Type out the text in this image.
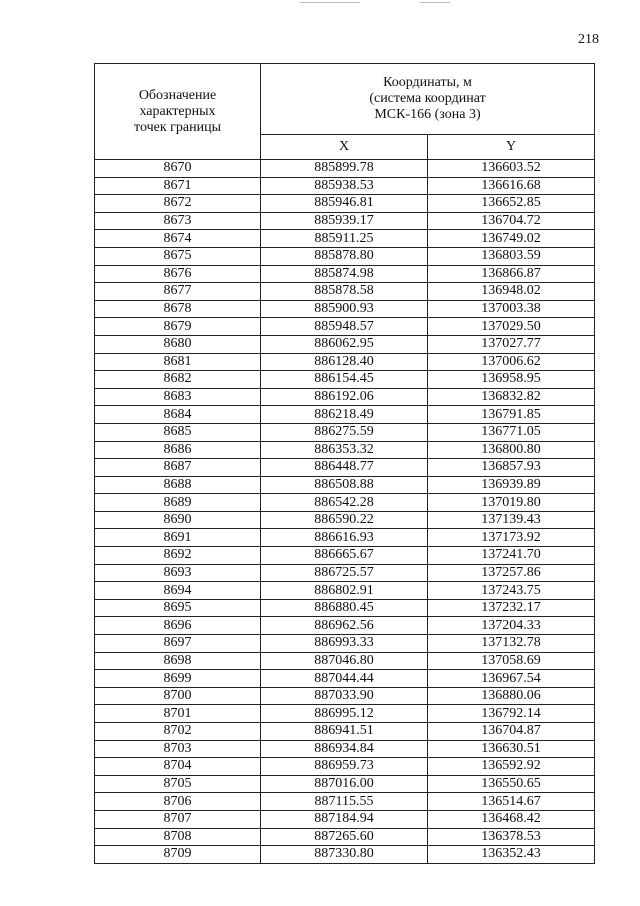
218
Обозначение
характерных
точек границы	Координаты, м
(система координат
МСК-166 (зона 3)	

	X	Y
8670	885899.78	136603.52
8671	885938.53	136616.68
8672	885946.81	136652.85
8673	885939.17	136704.72
8674	885911.25	136749.02
8675	885878.80	136803.59
8676	885874.98	136866.87
8677	885878.58	136948.02
8678	885900.93	137003.38
8679	885948.57	137029.50
8680	886062.95	137027.77
8681	886128.40	137006.62
8682	886154.45	136958.95
8683	886192.06	136832.82
8684	886218.49	136791.85
8685	886275.59	136771.05
8686	886353.32	136800.80
8687	886448.77	136857.93
8688	886508.88	136939.89
8689	886542.28	137019.80
8690	886590.22	137139.43
8691	886616.93	137173.92
8692	886665.67	137241.70
8693	886725.57	137257.86
8694	886802.91	137243.75
8695	886880.45	137232.17
8696	886962.56	137204.33
8697	886993.33	137132.78
8698	887046.80	137058.69
8699	887044.44	136967.54
8700	887033.90	136880.06
8701	886995.12	136792.14
8702	886941.51	136704.87
8703	886934.84	136630.51
8704	886959.73	136592.92
8705	887016.00	136550.65
8706	887115.55	136514.67
8707	887184.94	136468.42
8708	887265.60	136378.53
8709	887330.80	136352.43
